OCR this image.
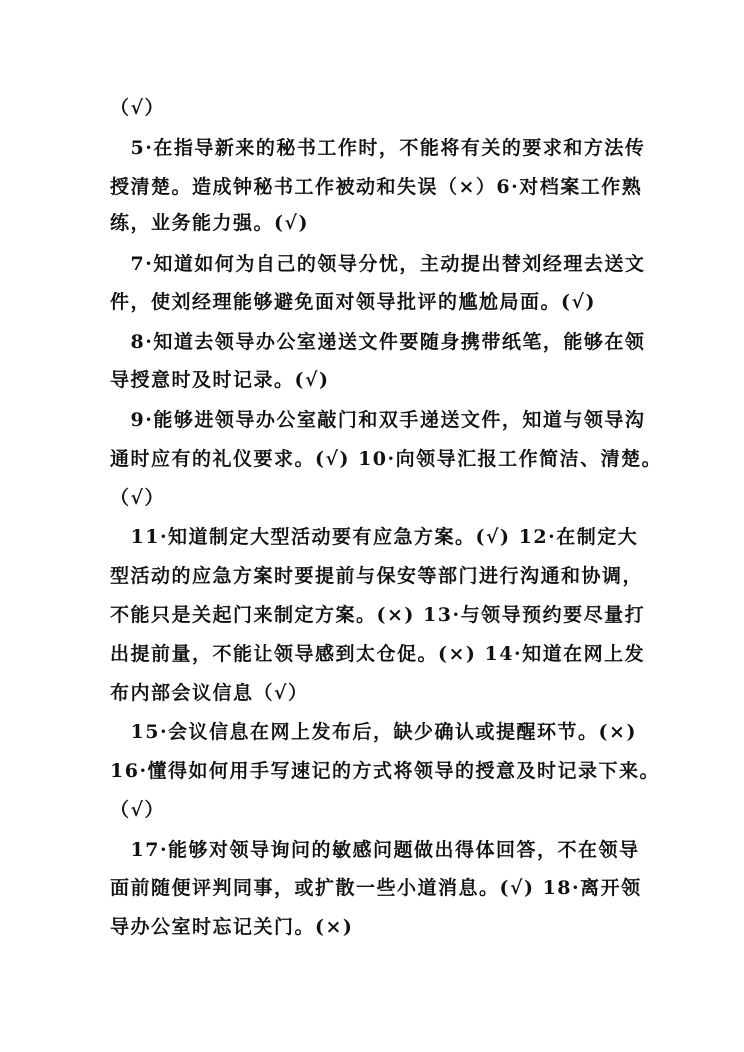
（√）
　5·在指导新来的秘书工作时，不能将有关的要求和方法传
授清楚。造成钟秘书工作被动和失误（×）6·对档案工作熟
练，业务能力强。(√)
　7·知道如何为自己的领导分忧，主动提出替刘经理去送文
件，使刘经理能够避免面对领导批评的尴尬局面。(√)
　8·知道去领导办公室递送文件要随身携带纸笔，能够在领
导授意时及时记录。(√)
　9·能够进领导办公室敲门和双手递送文件，知道与领导沟
通时应有的礼仪要求。(√) 10·向领导汇报工作简洁、清楚。
（√）
　11·知道制定大型活动要有应急方案。(√) 12·在制定大
型活动的应急方案时要提前与保安等部门进行沟通和协调，
不能只是关起门来制定方案。(×) 13·与领导预约要尽量打
出提前量，不能让领导感到太仓促。(×) 14·知道在网上发
布内部会议信息（√）
　15·会议信息在网上发布后，缺少确认或提醒环节。(×)
16·懂得如何用手写速记的方式将领导的授意及时记录下来。
（√）
　17·能够对领导询问的敏感问题做出得体回答，不在领导
面前随便评判同事，或扩散一些小道消息。(√) 18·离开领
导办公室时忘记关门。(×)
